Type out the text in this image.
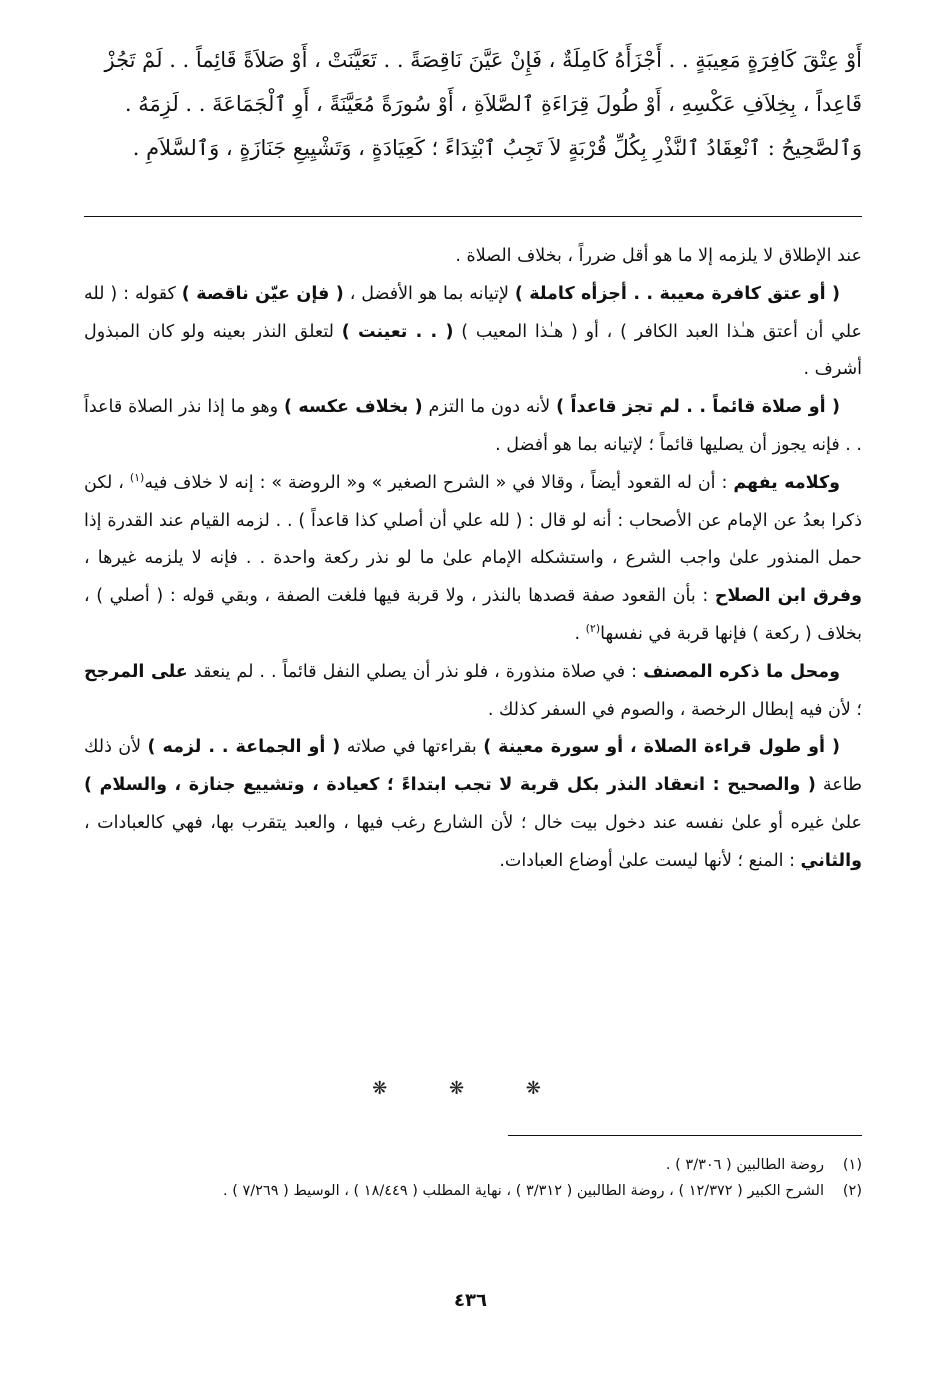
أَوْ عِتْقَ كَافِرَةٍ مَعِيبَةٍ . . أَجْزَأَهُ كَامِلَةٌ ، فَإِنْ عَيَّنَ نَاقِصَةً . . تَعَيَّنَتْ ، أَوْ صَلاَةً قَائِماً . . لَمْ تَجُزْ
قَاعِداً ، بِخِلاَفِ عَكْسِهِ ، أَوْ طُولَ قِرَاءَةِ ٱلصَّلاَةِ ، أَوْ سُورَةً مُعَيَّنَةً ، أَوِ ٱلْجَمَاعَةَ . . لَزِمَهُ .
وَٱلصَّحِيحُ : ٱنْعِقَادُ ٱلنَّذْرِ بِكُلِّ قُرْبَةٍ لاَ تَجِبُ ٱبْتِدَاءً ؛ كَعِيَادَةٍ ، وَتَشْيِيعِ جَنَازَةٍ ، وَٱلسَّلاَمِ .

عند الإطلاق لا يلزمه إلا ما هو أقل ضرراً ، بخلاف الصلاة .

( أو عتق كافرة معيبة . . أجزأه كاملة ) لإتيانه بما هو الأفضل ، ( فإن عيّن ناقصة ) كقوله : ( لله علي أن أعتق هـٰذا العبد الكافر ) ، أو ( هـٰذا المعيب ) ( . . تعينت ) لتعلق النذر بعينه ولو كان المبذول أشرف .

( أو صلاة قائماً . . لم تجز قاعداً ) لأنه دون ما التزم ( بخلاف عكسه ) وهو ما إذا نذر الصلاة قاعداً . . فإنه يجوز أن يصليها قائماً ؛ لإتيانه بما هو أفضل .

وكلامه يفهم : أن له القعود أيضاً ، وقالا في « الشرح الصغير » و« الروضة » : إنه لا خلاف فيه$^{(١)}$ ، لكن ذكرا بعدُ عن الإمام عن الأصحاب : أنه لو قال : ( لله علي أن أصلي كذا قاعداً ) . . لزمه القيام عند القدرة إذا حمل المنذور علىٰ واجب الشرع ، واستشكله الإمام علىٰ ما لو نذر ركعة واحدة . . فإنه لا يلزمه غيرها ، وفرق ابن الصلاح : بأن القعود صفة قصدها بالنذر ، ولا قربة فيها فلغت الصفة ، وبقي قوله : ( أصلي ) ، بخلاف ( ركعة ) فإنها قربة في نفسها$^{(٢)}$ .

ومحل ما ذكره المصنف : في صلاة منذورة ، فلو نذر أن يصلي النفل قائماً . . لم ينعقد على المرجح ؛ لأن فيه إبطال الرخصة ، والصوم في السفر كذلك .

( أو طول قراءة الصلاة ، أو سورة معينة ) بقراءتها في صلاته ( أو الجماعة . . لزمه ) لأن ذلك طاعة ( والصحيح : انعقاد النذر بكل قربة لا تجب ابتداءً ؛ كعيادة ، وتشييع جنازة ، والسلام ) علىٰ غيره أو علىٰ نفسه عند دخول بيت خال ؛ لأن الشارع رغب فيها ، والعبد يتقرب بها، فهي كالعبادات ، والثاني : المنع ؛ لأنها ليست علىٰ أوضاع العبادات.

❋ ❋ ❋
(١)
روضة الطالبين ( ٣/٣٠٦ ) .
(٢)
الشرح الكبير ( ١٢/٣٧٢ ) ، روضة الطالبين ( ٣/٣١٢ ) ، نهاية المطلب ( ١٨/٤٤٩ ) ، الوسيط ( ٧/٢٦٩ ) .
٤٣٦
